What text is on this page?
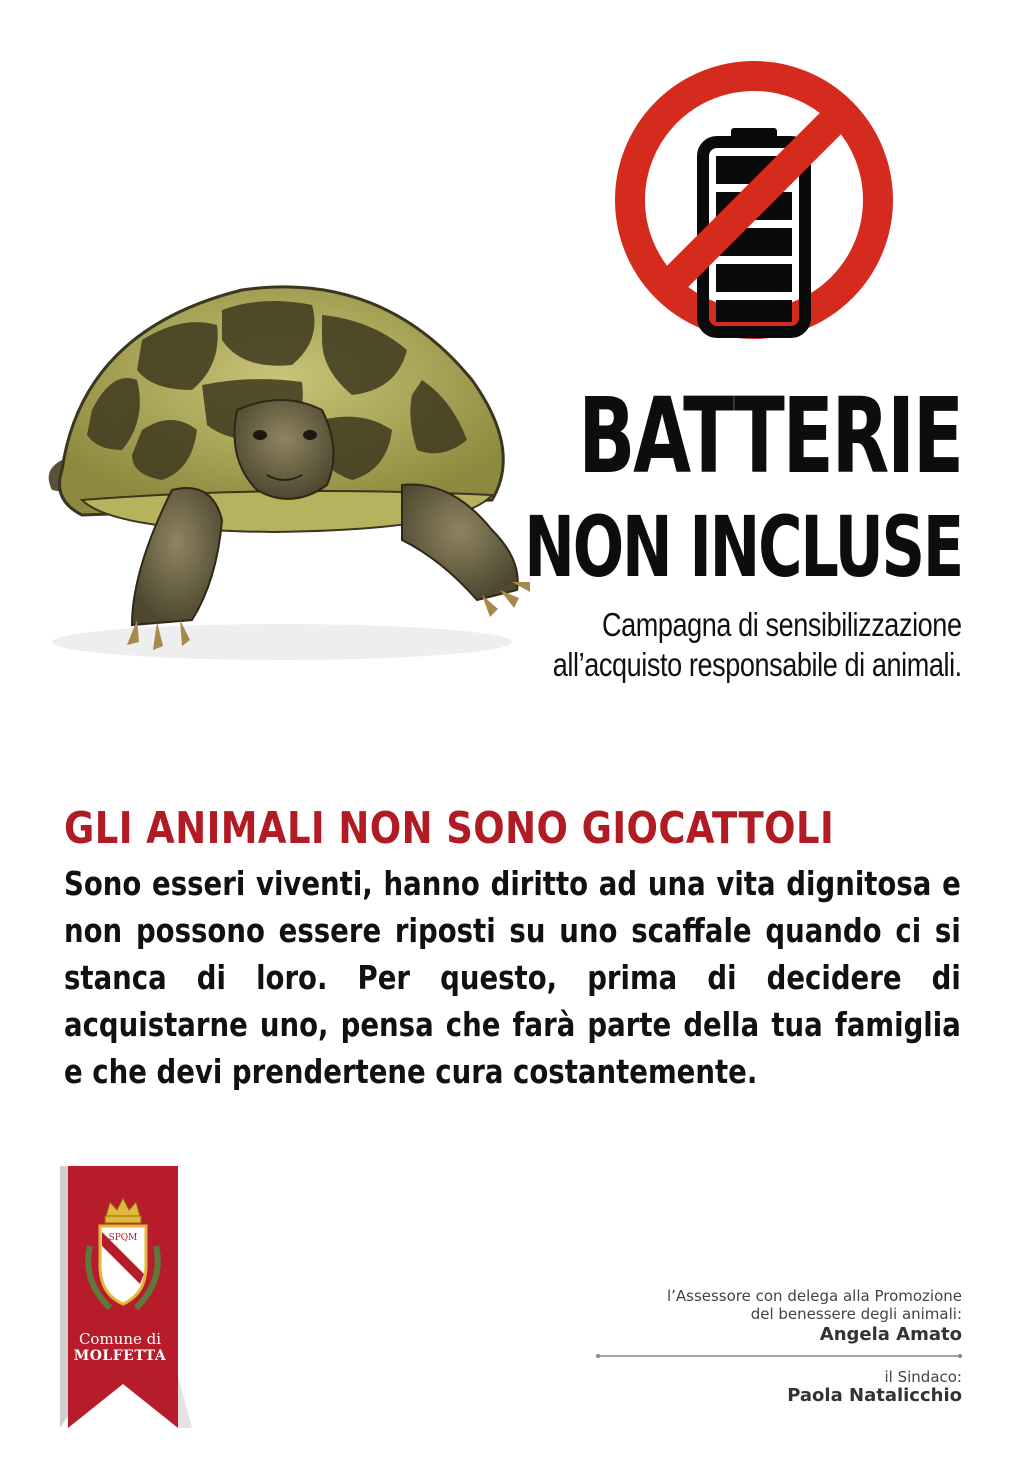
BATTERIE
NON INCLUSE
Campagna di sensibilizzazione
all’acquisto responsabile di animali.
GLI ANIMALI NON SONO GIOCATTOLI
Sono esseri viventi, hanno diritto ad una vita dignitosa e non possono essere riposti su uno scaffale quando ci si stanca di loro. Per questo, prima di decidere di acquistarne uno, pensa che farà parte della tua famiglia e che devi prendertene cura costantemente.
SPQM
Comune di
MOLFETTA
l’Assessore con delega alla Promozione
del benessere degli animali:
Angela Amato
il Sindaco:
Paola Natalicchio
